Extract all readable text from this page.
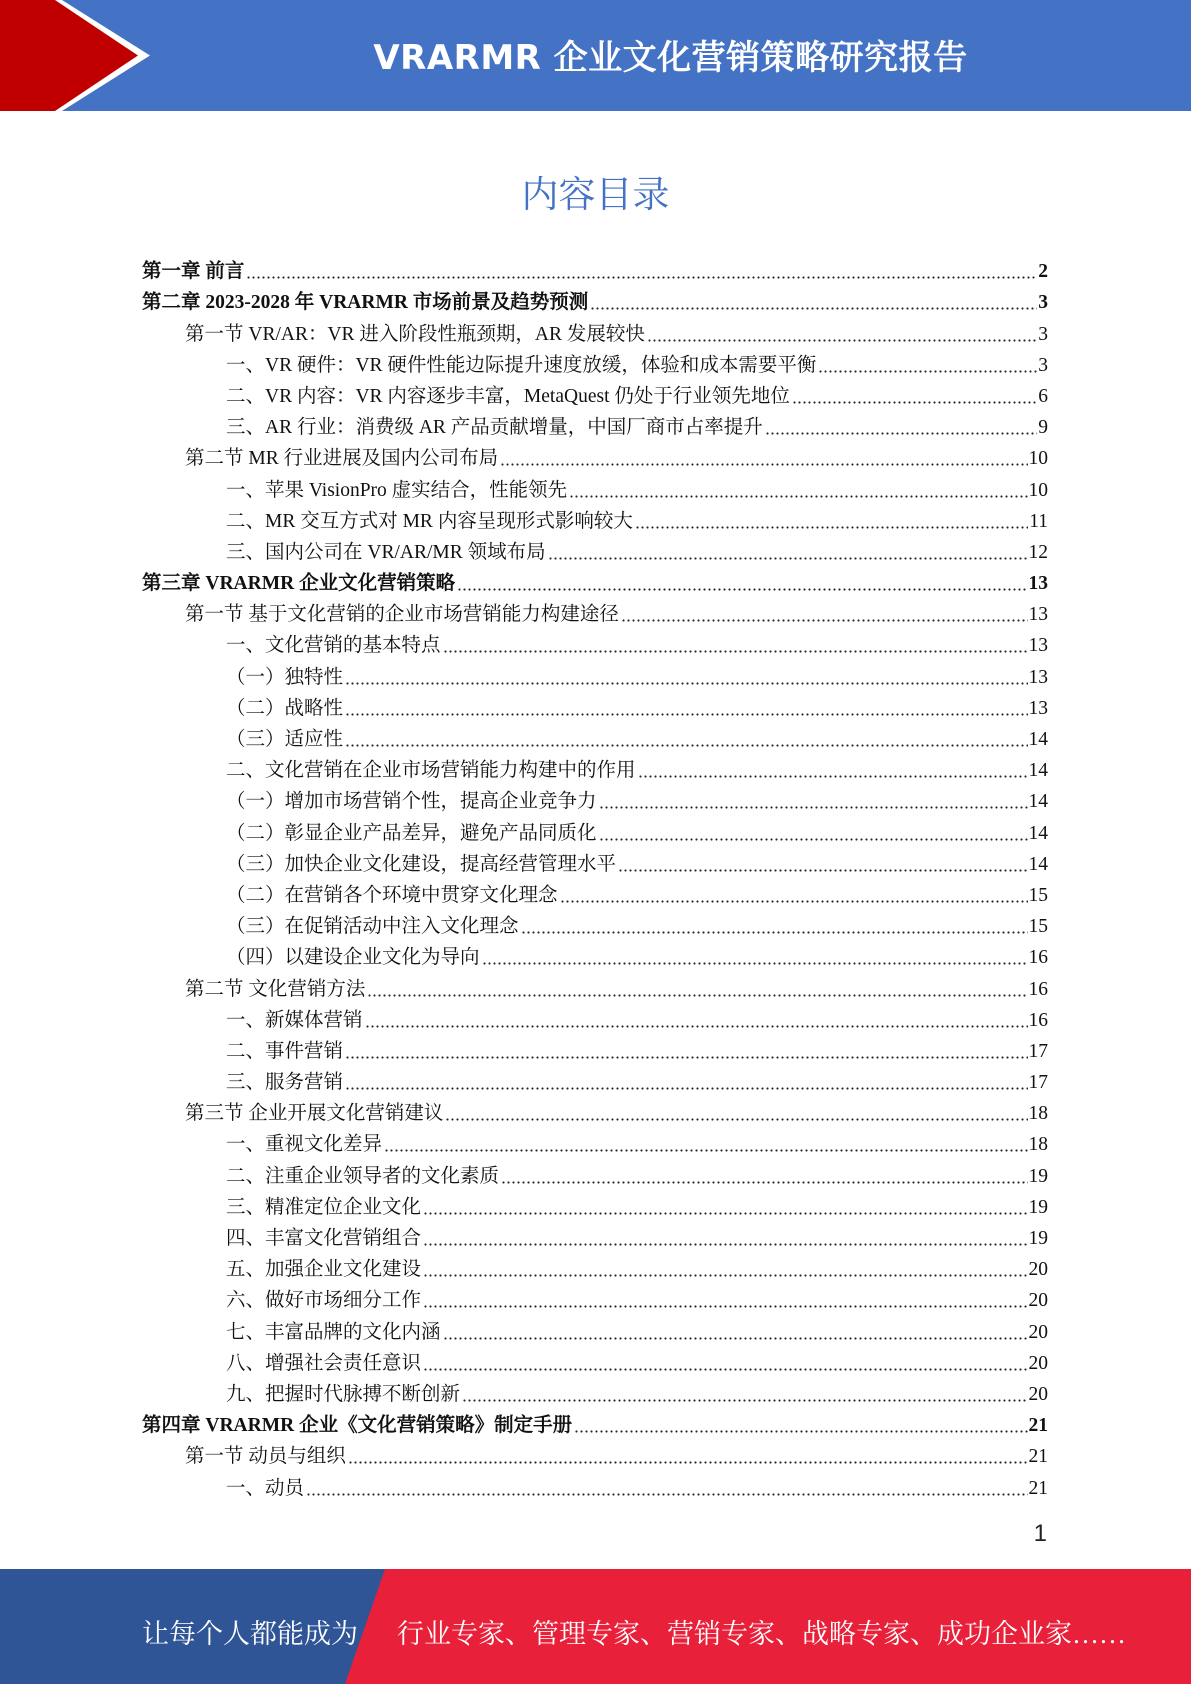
VRARMR 企业文化营销策略研究报告
内容目录
第一章 前言	2
第二章 2023-2028 年 VRARMR 市场前景及趋势预测	3
第一节 VR/AR：VR 进入阶段性瓶颈期，AR 发展较快	3
一、VR 硬件：VR 硬件性能边际提升速度放缓，体验和成本需要平衡	3
二、VR 内容：VR 内容逐步丰富，MetaQuest 仍处于行业领先地位	6
三、AR 行业：消费级 AR 产品贡献增量，中国厂商市占率提升	9
第二节 MR 行业进展及国内公司布局	10
一、苹果 VisionPro 虚实结合，性能领先	10
二、MR 交互方式对 MR 内容呈现形式影响较大	11
三、国内公司在 VR/AR/MR 领域布局	12
第三章 VRARMR 企业文化营销策略	13
第一节 基于文化营销的企业市场营销能力构建途径	13
一、文化营销的基本特点	13
（一）独特性	13
（二）战略性	13
（三）适应性	14
二、文化营销在企业市场营销能力构建中的作用	14
（一）增加市场营销个性，提高企业竞争力	14
（二）彰显企业产品差异，避免产品同质化	14
（三）加快企业文化建设，提高经营管理水平	14
（二）在营销各个环境中贯穿文化理念	15
（三）在促销活动中注入文化理念	15
（四）以建设企业文化为导向	16
第二节 文化营销方法	16
一、新媒体营销	16
二、事件营销	17
三、服务营销	17
第三节 企业开展文化营销建议	18
一、重视文化差异	18
二、注重企业领导者的文化素质	19
三、精准定位企业文化	19
四、丰富文化营销组合	19
五、加强企业文化建设	20
六、做好市场细分工作	20
七、丰富品牌的文化内涵	20
八、增强社会责任意识	20
九、把握时代脉搏不断创新	20
第四章 VRARMR 企业《文化营销策略》制定手册	21
第一节 动员与组织	21
一、动员	21
1
让每个人都能成为 行业专家、管理专家、营销专家、战略专家、成功企业家……
